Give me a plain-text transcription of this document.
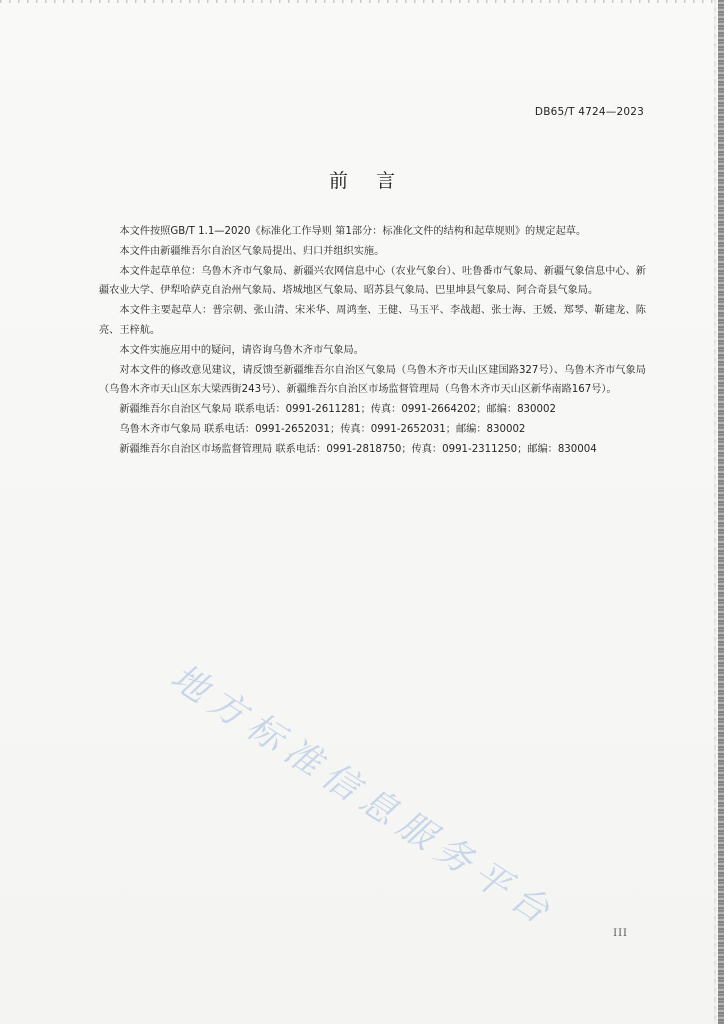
DB65/T 4724—2023
前言

本文件按照GB/T 1.1—2020《标准化工作导则 第1部分：标准化文件的结构和起草规则》的规定起草。

本文件由新疆维吾尔自治区气象局提出、归口并组织实施。

本文件起草单位：乌鲁木齐市气象局、新疆兴农网信息中心（农业气象台）、吐鲁番市气象局、新疆气象信息中心、新疆农业大学、伊犁哈萨克自治州气象局、塔城地区气象局、昭苏县气象局、巴里坤县气象局、阿合奇县气象局。

本文件主要起草人：普宗朝、张山清、宋米华、周鸿奎、王健、马玉平、李战超、张士海、王媛、郑琴、靳建龙、陈亮、王梓航。

本文件实施应用中的疑问，请咨询乌鲁木齐市气象局。

对本文件的修改意见建议，请反馈至新疆维吾尔自治区气象局（乌鲁木齐市天山区建国路327号）、乌鲁木齐市气象局（乌鲁木齐市天山区东大梁西街243号）、新疆维吾尔自治区市场监督管理局（乌鲁木齐市天山区新华南路167号）。

新疆维吾尔自治区气象局 联系电话：0991-2611281；传真：0991-2664202；邮编：830002

乌鲁木齐市气象局 联系电话：0991-2652031；传真：0991-2652031；邮编：830002

新疆维吾尔自治区市场监督管理局 联系电话：0991-2818750；传真：0991-2311250；邮编：830004

地方标准信息服务平台	III
